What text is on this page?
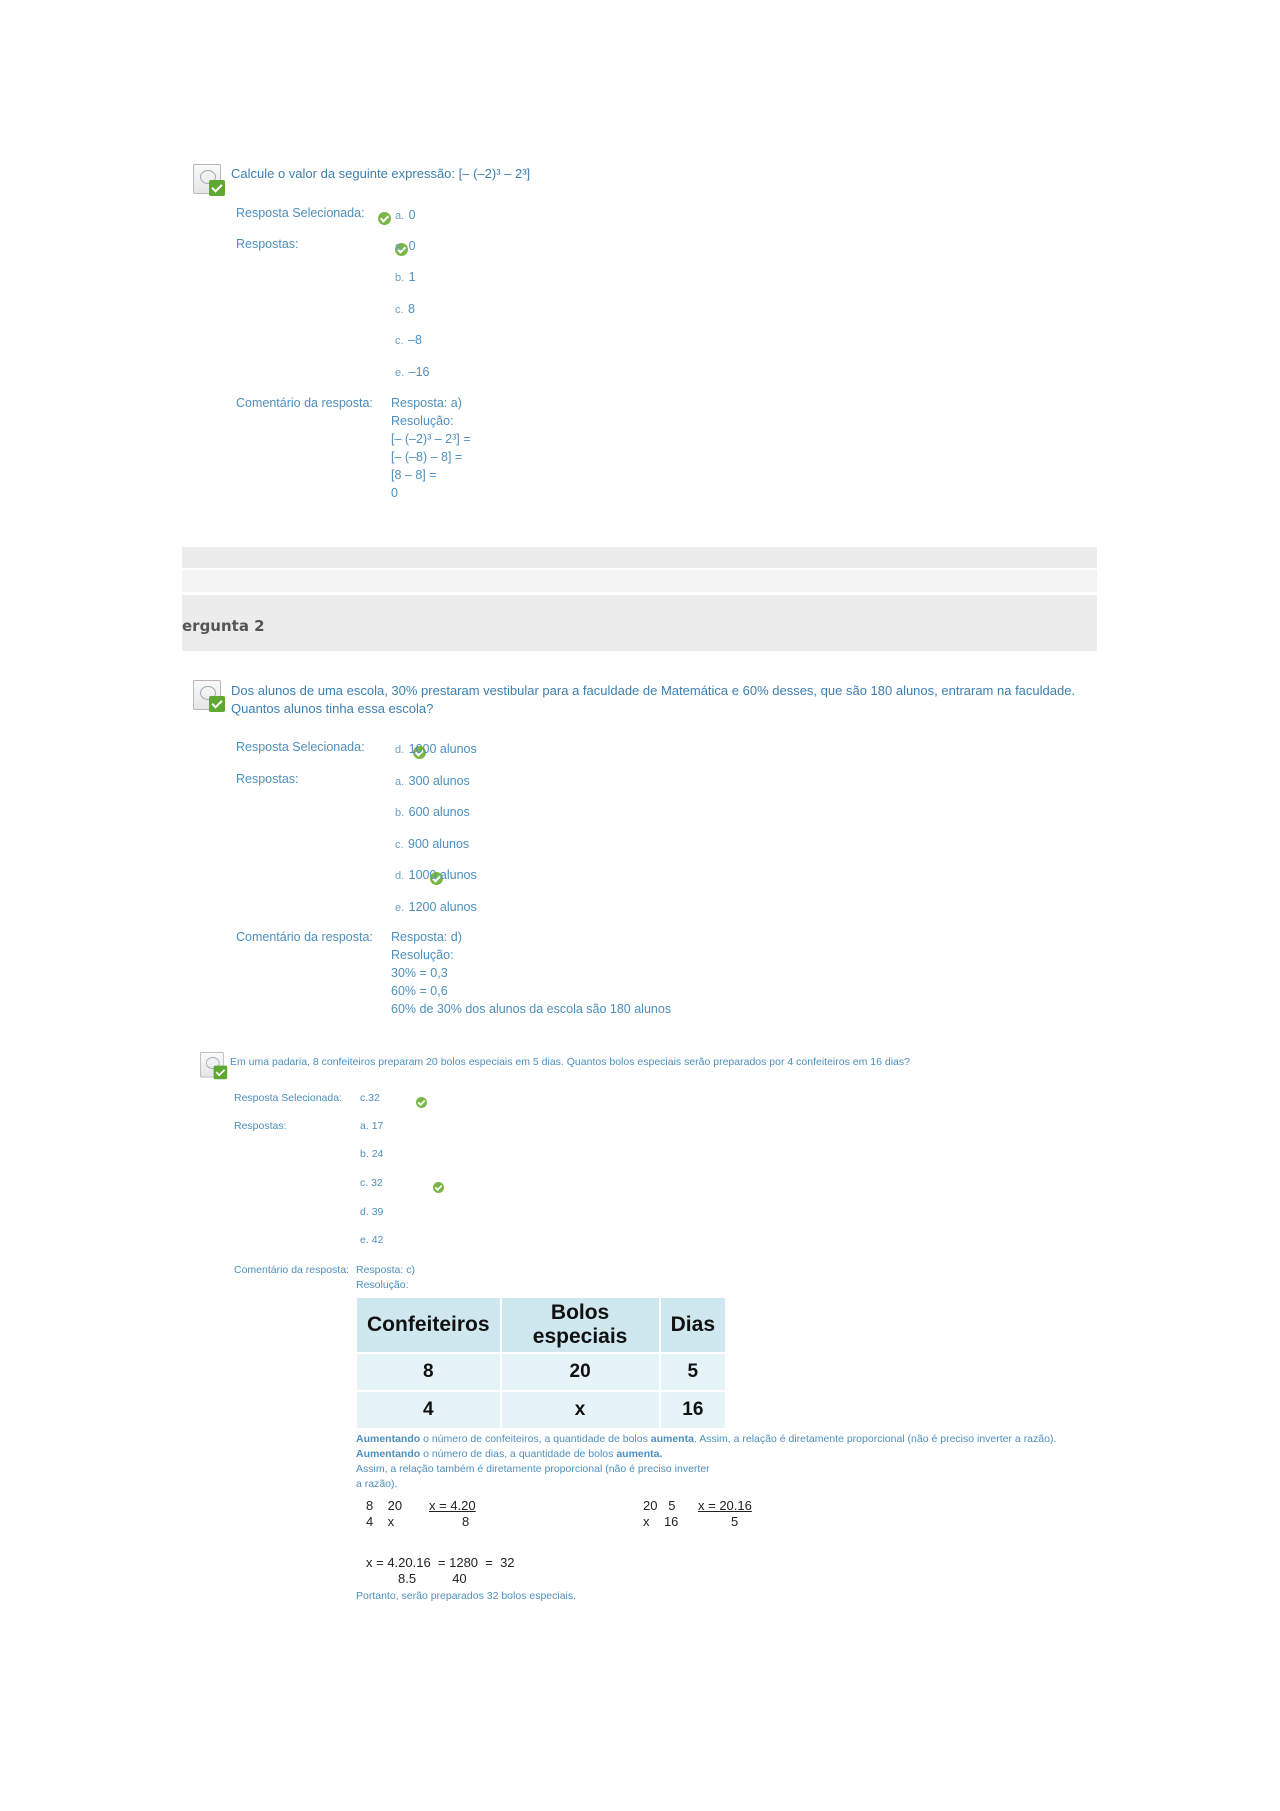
Calcule o valor da seguinte expressão: [– (–2)³ – 2³]
Resposta Selecionada:
	a. 0
Respostas:
	a. 0
b. 1
c. 8
c. –8
e. –16
Comentário da resposta: Resposta: a)
Resolução:
[– (–2)³ – 2³] =
[– (–8) – 8] =
[8 – 8] =
0
ergunta 2
Dos alunos de uma escola, 30% prestaram vestibular para a faculdade de Matemática e 60% desses, que são 180 alunos, entraram na faculdade.
Quantos alunos tinha essa escola?
Resposta Selecionada:
	d. 1000 alunos
Respostas:	a. 300 alunos
b. 600 alunos
c. 900 alunos

d. 1000 alunos
e. 1200 alunos
Comentário da resposta: Resposta: d)
Resolução:
30% = 0,3
60% = 0,6
60% de 30% dos alunos da escola são 180 alunos
Em uma padaria, 8 confeiteiros preparam 20 bolos especiais em 5 dias. Quantos bolos especiais serão preparados por 4 confeiteiros em 16 dias?
Resposta Selecionada:
c.32
Respostas:	a. 17
b. 24
c. 32
d. 39
e. 42
Comentário da resposta: Resposta: c)
Resolução:
Confeiteiros	Bolos especiais	Dias
8	20	5
4	x	16
Aumentando o número de confeiteiros, a quantidade de bolos aumenta. Assim, a relação é diretamente proporcional (não é preciso inverter a razão).
Aumentando o número de dias, a quantidade de bolos aumenta.
Assim, a relação também é diretamente proporcional (não é preciso inverter
a razão).
8    20
4    x
x = 4.20
8
20   5
x    16
x = 20.16
5
x = 4.20.16  = 1280  =  32
8.5          40
Portanto, serão preparados 32 bolos especiais.
